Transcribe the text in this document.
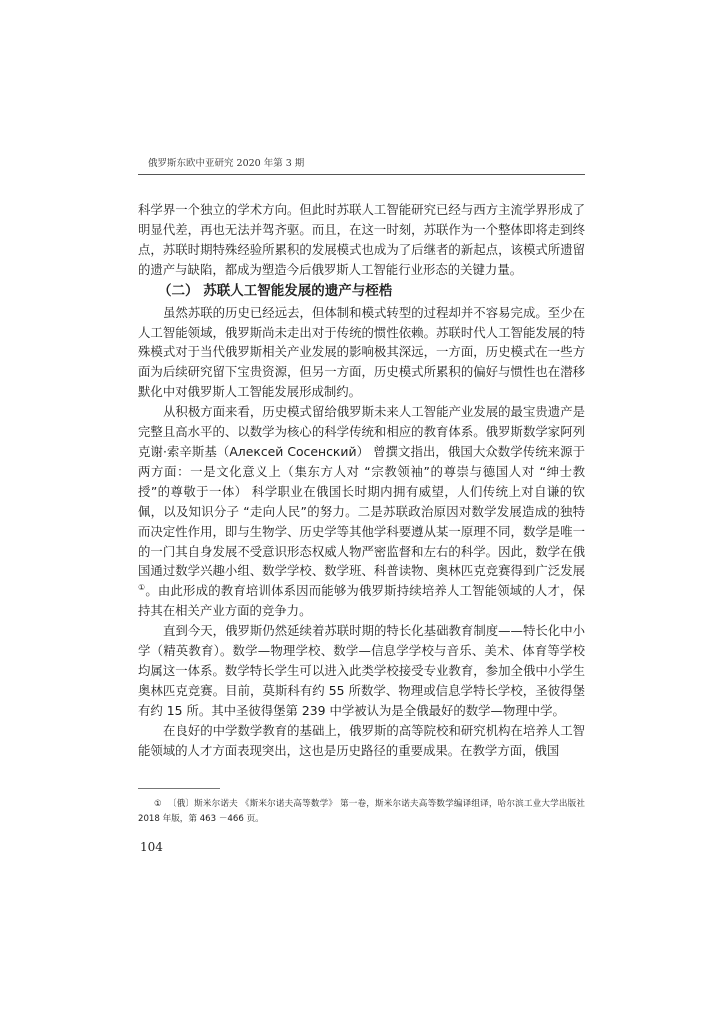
俄罗斯东欧中亚研究 2020 年第 3 期

科学界一个独立的学术方向。但此时苏联人工智能研究已经与西方主流学界形成了明显代差，再也无法并驾齐驱。而且，在这一时刻，苏联作为一个整体即将走到终点，苏联时期特殊经验所累积的发展模式也成为了后继者的新起点，该模式所遗留的遗产与缺陷，都成为塑造今后俄罗斯人工智能行业形态的关键力量。

（二） 苏联人工智能发展的遗产与桎梏

虽然苏联的历史已经远去，但体制和模式转型的过程却并不容易完成。至少在人工智能领域，俄罗斯尚未走出对于传统的惯性依赖。苏联时代人工智能发展的特殊模式对于当代俄罗斯相关产业发展的影响极其深远，一方面，历史模式在一些方面为后续研究留下宝贵资源，但另一方面，历史模式所累积的偏好与惯性也在潜移默化中对俄罗斯人工智能发展形成制约。

从积极方面来看，历史模式留给俄罗斯未来人工智能产业发展的最宝贵遗产是完整且高水平的、以数学为核心的科学传统和相应的教育体系。俄罗斯数学家阿列克谢·索辛斯基（Алексей Сосенский） 曾撰文指出，俄国大众数学传统来源于两方面：一是文化意义上（集东方人对 “宗教领袖”的尊崇与德国人对 “绅士教授”的尊敬于一体） 科学职业在俄国长时期内拥有威望，人们传统上对自谦的钦佩，以及知识分子 “走向人民”的努力。二是苏联政治原因对数学发展造成的独特而决定性作用，即与生物学、历史学等其他学科要遵从某一原理不同，数学是唯一的一门其自身发展不受意识形态权威人物严密监督和左右的科学。因此，数学在俄国通过数学兴趣小组、数学学校、数学班、科普读物、奥林匹克竞赛得到广泛发展①。由此形成的教育培训体系因而能够为俄罗斯持续培养人工智能领域的人才，保持其在相关产业方面的竞争力。

直到今天，俄罗斯仍然延续着苏联时期的特长化基础教育制度——特长化中小学（精英教育）。数学—物理学校、数学—信息学学校与音乐、美术、体育等学校均属这一体系。数学特长学生可以进入此类学校接受专业教育，参加全俄中小学生奥林匹克竞赛。目前，莫斯科有约 55 所数学、物理或信息学特长学校，圣彼得堡有约 15 所。其中圣彼得堡第 239 中学被认为是全俄最好的数学—物理中学。

在良好的中学数学教育的基础上，俄罗斯的高等院校和研究机构在培养人工智能领域的人才方面表现突出，这也是历史路径的重要成果。在教学方面，俄国

① 〔俄〕斯米尔诺夫 《斯米尔诺夫高等数学》 第一卷，斯米尔诺夫高等数学编译组译，哈尔滨工业大学出版社 2018 年版，第 463 －466 页。
104
